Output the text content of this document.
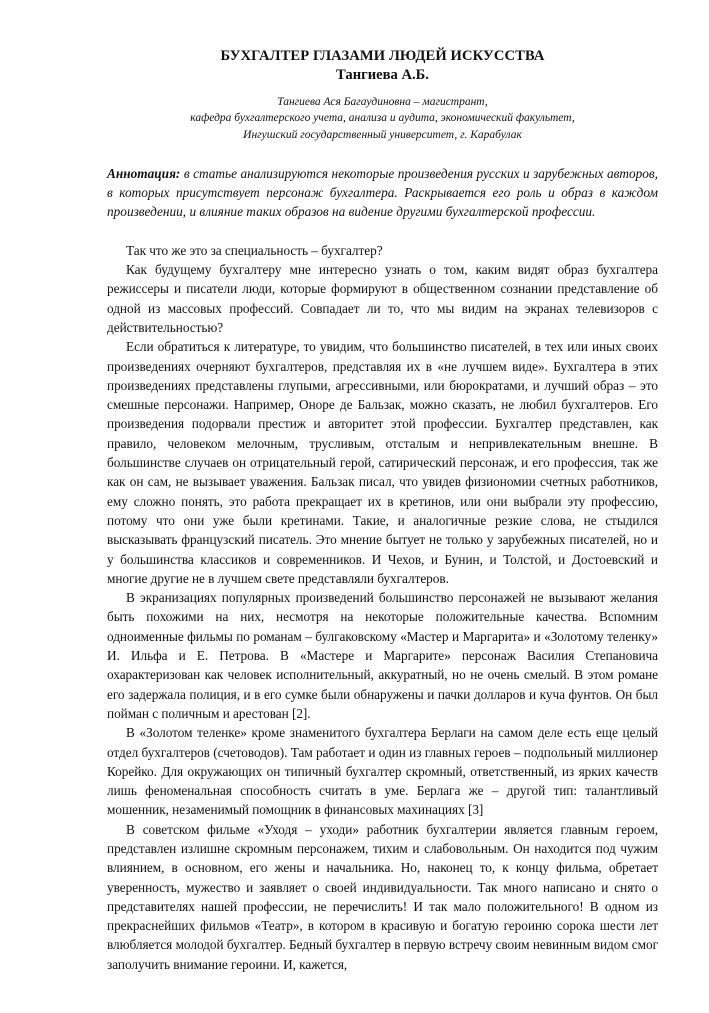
БУХГАЛТЕР ГЛАЗАМИ ЛЮДЕЙ ИСКУССТВА
Тангиева А.Б.

Тангиева Ася Багаудиновна – магистрант,

кафедра бухгалтерского учета, анализа и аудита, экономический факультет,

Ингушский государственный университет, г. Карабулак

Аннотация: в статье анализируются некоторые произведения русских и зарубежных авторов, в которых присутствует персонаж бухгалтера. Раскрывается его роль и образ в каждом произведении, и влияние таких образов на видение другими бухгалтерской профессии.

Так что же это за специальность – бухгалтер?

Как будущему бухгалтеру мне интересно узнать о том, каким видят образ бухгалтера режиссеры и писатели люди, которые формируют в общественном сознании представление об одной из массовых профессий. Совпадает ли то, что мы видим на экранах телевизоров с действительностью?

Если обратиться к литературе, то увидим, что большинство писателей, в тех или иных своих произведениях очерняют бухгалтеров, представляя их в «не лучшем виде». Бухгалтера в этих произведениях представлены глупыми, агрессивными, или бюрократами, и лучший образ – это смешные персонажи. Например, Оноре де Бальзак, можно сказать, не любил бухгалтеров. Его произведения подорвали престиж и авторитет этой профессии. Бухгалтер представлен, как правило, человеком мелочным, трусливым, отсталым и непривлекательным внешне. В большинстве случаев он отрицательный герой, сатирический персонаж, и его профессия, так же как он сам, не вызывает уважения. Бальзак писал, что увидев физиономии счетных работников, ему сложно понять, это работа прекращает их в кретинов, или они выбрали эту профессию, потому что они уже были кретинами. Такие, и аналогичные резкие слова, не стыдился высказывать французский писатель. Это мнение бытует не только у зарубежных писателей, но и у большинства классиков и современников. И Чехов, и Бунин, и Толстой, и Достоевский и многие другие не в лучшем свете представляли бухгалтеров.

В экранизациях популярных произведений большинство персонажей не вызывают желания быть похожими на них, несмотря на некоторые положительные качества. Вспомним одноименные фильмы по романам – булгаковскому «Мастер и Маргарита» и «Золотому теленку» И. Ильфа и Е. Петрова. В «Мастере и Маргарите» персонаж Василия Степановича охарактеризован как человек исполнительный, аккуратный, но не очень смелый. В этом романе его задержала полиция, и в его сумке были обнаружены и пачки долларов и куча фунтов. Он был пойман с поличным и арестован [2].

В «Золотом теленке» кроме знаменитого бухгалтера Берлаги на самом деле есть еще целый отдел бухгалтеров (счетоводов). Там работает и один из главных героев – подпольный миллионер Корейко. Для окружающих он типичный бухгалтер скромный, ответственный, из ярких качеств лишь феноменальная способность считать в уме. Берлага же – другой тип: талантливый мошенник, незаменимый помощник в финансовых махинациях [3]

В советском фильме «Уходя – уходи» работник бухгалтерии является главным героем, представлен излишне скромным персонажем, тихим и слабовольным. Он находится под чужим влиянием, в основном, его жены и начальника. Но, наконец то, к концу фильма, обретает уверенность, мужество и заявляет о своей индивидуальности. Так много написано и снято о представителях нашей профессии, не перечислить! И так мало положительного! В одном из прекраснейших фильмов «Театр», в котором в красивую и богатую героиню сорока шести лет влюбляется молодой бухгалтер. Бедный бухгалтер в первую встречу своим невинным видом смог заполучить внимание героини. И, кажется,
